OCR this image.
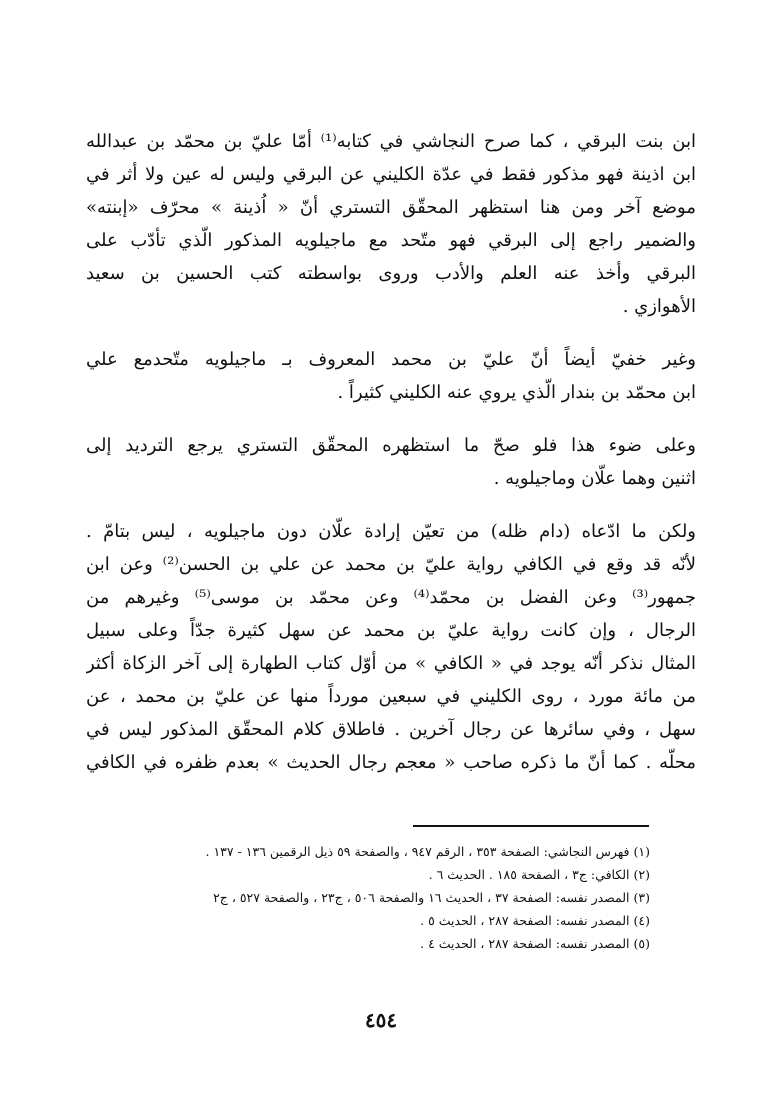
ابن بنت البرقي ، كما صرح النجاشي في كتابه⁽¹⁾ أمّا عليّ بن محمّد بن عبدالله
ابن اذينة فهو مذكور فقط في عدّة الكليني عن البرقي وليس له عين ولا أثر في
موضع آخر ومن هنا استظهر المحقّق التستري أنّ « اُذينة » محرّف «إبنته»
والضمير راجع إلى البرقي فهو متّحد مع ماجيلويه المذكور الّذي تأدّب على
البرقي وأخذ عنه العلم والأدب وروى بواسطته كتب الحسين بن سعيد
الأهوازي .
وغير خفيّ أيضاً أنّ عليّ بن محمد المعروف بـ ماجيلويه متّحدمع علي
ابن محمّد بن بندار الّذي يروي عنه الكليني كثيراً .
وعلى ضوء هذا فلو صحّ ما استظهره المحقّق التستري يرجع الترديد إلى
اثنين وهما علّان وماجيلويه .
ولكن ما ادّعاه (دام ظله) من تعيّن إرادة علّان دون ماجيلويه ، ليس بتامّ .
لأنّه قد وقع في الكافي رواية عليّ بن محمد عن علي بن الحسن⁽²⁾ وعن ابن
جمهور⁽³⁾ وعن الفضل بن محمّد⁽⁴⁾ وعن محمّد بن موسى⁽⁵⁾ وغيرهم من
الرجال ، وإن كانت رواية عليّ بن محمد عن سهل كثيرة جدّاً وعلى سبيل
المثال نذكر أنّه يوجد في « الكافي » من أوّل كتاب الطهارة إلى آخر الزكاة أكثر
من مائة مورد ، روى الكليني في سبعين مورداً منها عن عليّ بن محمد ، عن
سهل ، وفي سائرها عن رجال آخرين . فاطلاق كلام المحقّق المذكور ليس في
محلّه . كما أنّ ما ذكره صاحب « معجم رجال الحديث » بعدم ظفره في الكافي
(١) فهرس النجاشي: الصفحة ٣٥٣ ، الرقم ٩٤٧ ، والصفحة ٥٩ ذيل الرقمين ١٣٦ - ١٣٧ .
(٢) الكافي: ج٣ ، الصفحة ١٨٥ . الحديث ٦ .
(٣) المصدر نفسه: الصفحة ٣٧ ، الحديث ١٦ والصفحة ٥٠٦ ، ج٢٣ ، والصفحة ٥٢٧ ، ج٢
(٤) المصدر نفسه: الصفحة ٢٨٧ ، الحديث ٥ .
(٥) المصدر نفسه: الصفحة ٢٨٧ ، الحديث ٤ .
٤٥٤
